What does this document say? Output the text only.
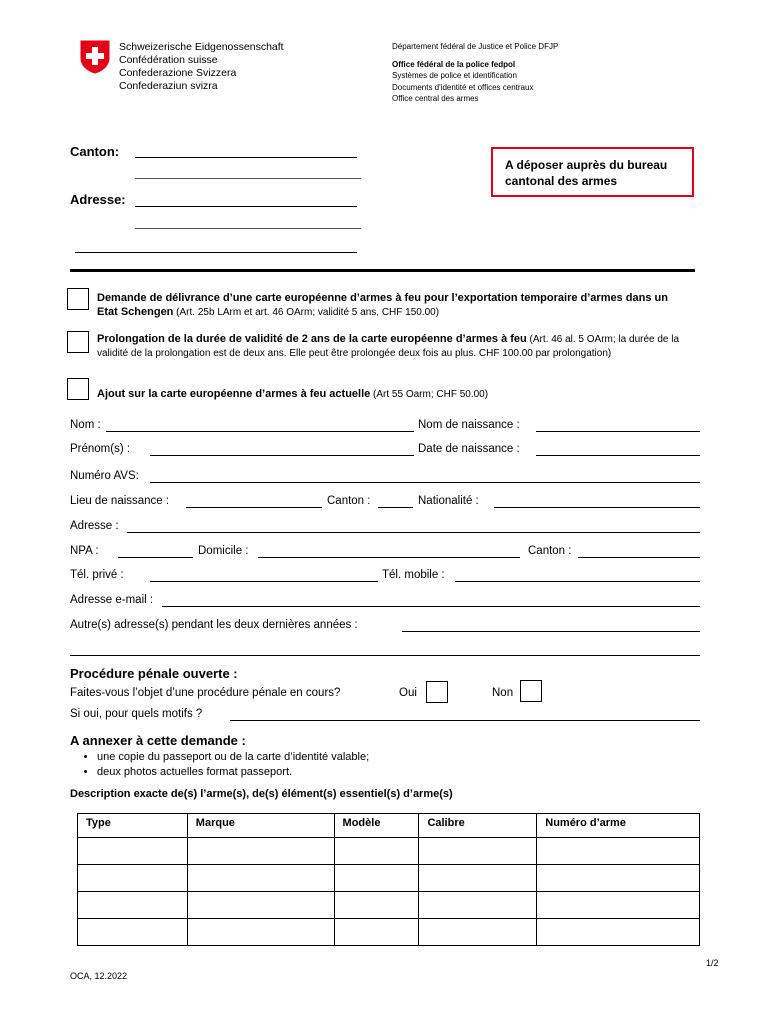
Schweizerische Eidgenossenschaft
Confédération suisse
Confederazione Svizzera
Confederaziun svizra
Département fédéral de Justice et Police DFJP
Office fédéral de la police fedpol
Systèmes de police et identification
Documents d'identité et offices centraux
Office central des armes
Canton:
Adresse:
A déposer auprès du bureau cantonal des armes
Demande de délivrance d’une carte européenne d’armes à feu pour l’exportation temporaire d’armes dans un Etat Schengen (Art. 25b LArm et art. 46 OArm; validité 5 ans, CHF 150.00)
Prolongation de la durée de validité de 2 ans de la carte européenne d’armes à feu (Art. 46 al. 5 OArm; la durée de la validité de la prolongation est de deux ans. Elle peut être prolongée deux fois au plus. CHF 100.00 par prolongation)
Ajout sur la carte européenne d’armes à feu actuelle (Art 55 Oarm; CHF 50.00)
Nom :	Nom de naissance :
Prénom(s) :	Date de naissance :
Numéro AVS:
Lieu de naissance :	Canton :	Nationalité :
Adresse :
NPA :	Domicile :	Canton :
Tél. privé :	Tél. mobile :
Adresse e-mail :
Autre(s) adresse(s) pendant les deux dernières années :
Procédure pénale ouverte :
Faites-vous l’objet d’une procédure pénale en cours?	Oui	Non
Si oui, pour quels motifs ?
A annexer à cette demande :
• une copie du passeport ou de la carte d’identité valable;
• deux photos actuelles format passeport.
Description exacte de(s) l’arme(s), de(s) élément(s) essentiel(s) d’arme(s)
Type	Marque	Modèle	Calibre	Numéro d’arme

1/2
OCA, 12.2022
